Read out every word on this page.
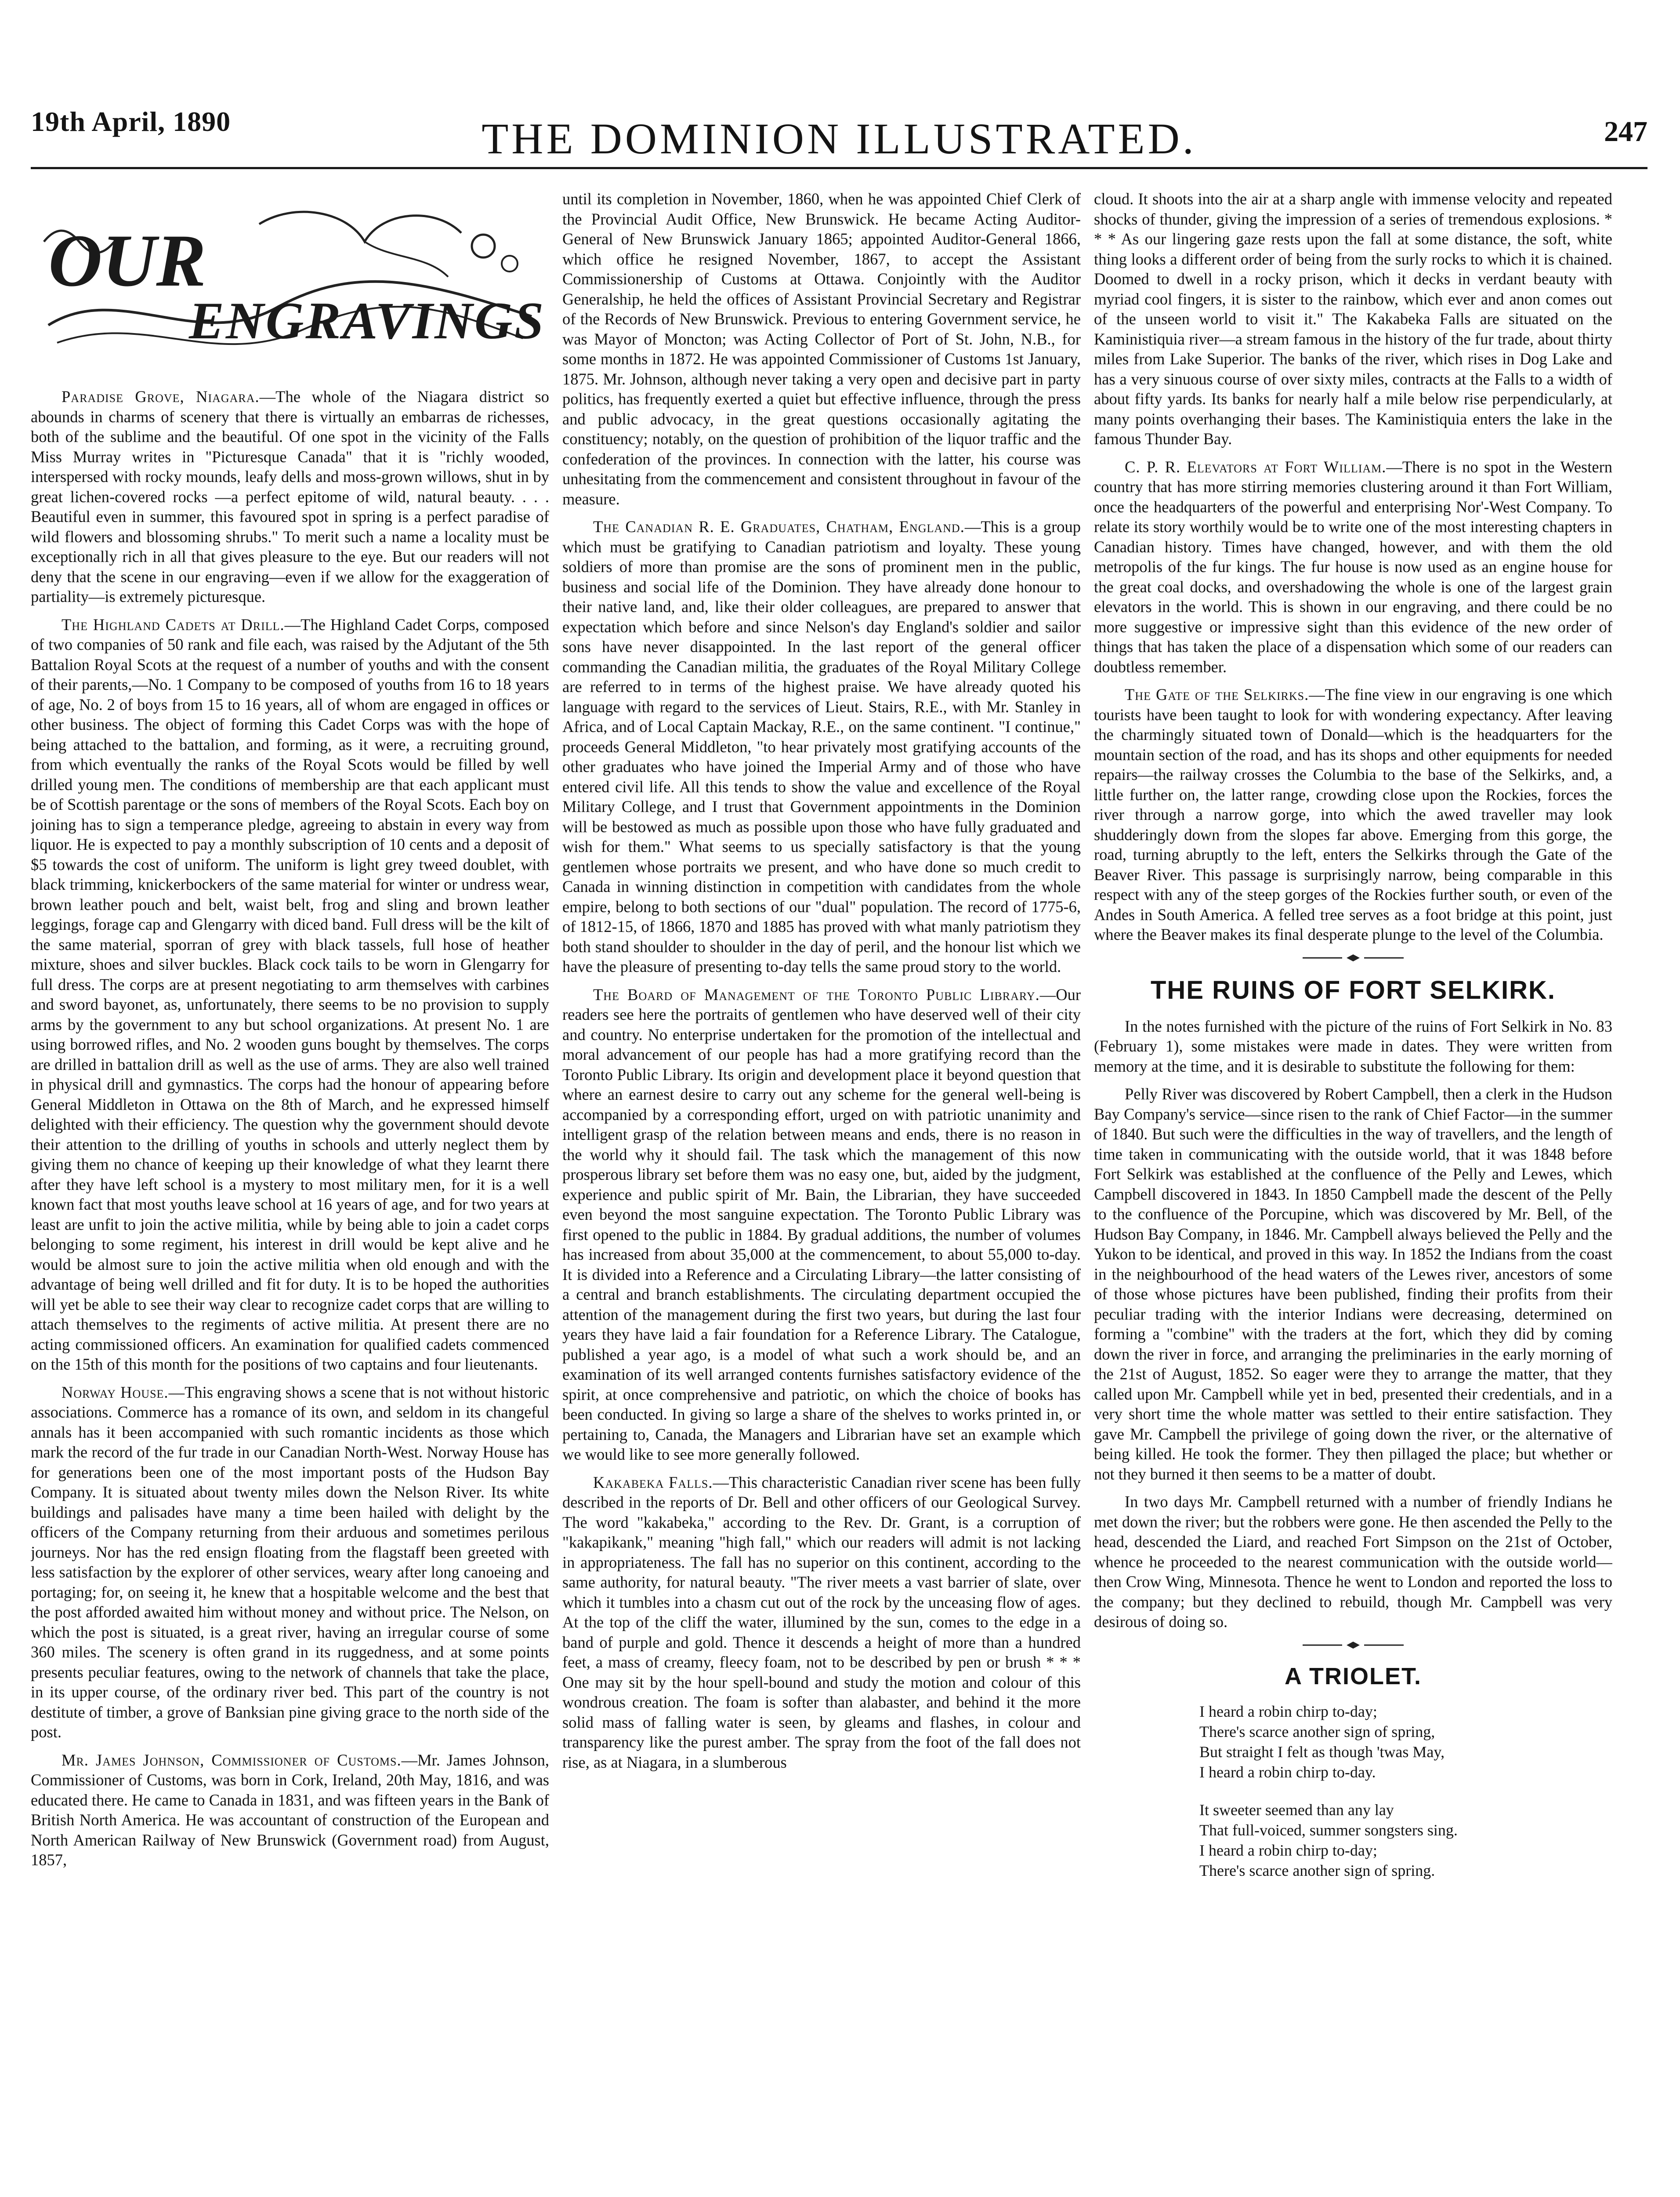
19th April, 1890	THE DOMINION ILLUSTRATED.	247
OUR
ENGRAVINGS

Paradise Grove, Niagara.—The whole of the Niagara district so abounds in charms of scenery that there is virtually an embarras de richesses, both of the sublime and the beautiful. Of one spot in the vicinity of the Falls Miss Murray writes in "Picturesque Canada" that it is "richly wooded, interspersed with rocky mounds, leafy dells and moss-grown willows, shut in by great lichen-covered rocks —a perfect epitome of wild, natural beauty. . . . Beautiful even in summer, this favoured spot in spring is a perfect paradise of wild flowers and blossoming shrubs." To merit such a name a locality must be exceptionally rich in all that gives pleasure to the eye. But our readers will not deny that the scene in our engraving—even if we allow for the exaggeration of partiality—is extremely picturesque.

The Highland Cadets at Drill.—The Highland Cadet Corps, composed of two companies of 50 rank and file each, was raised by the Adjutant of the 5th Battalion Royal Scots at the request of a number of youths and with the consent of their parents,—No. 1 Company to be composed of youths from 16 to 18 years of age, No. 2 of boys from 15 to 16 years, all of whom are engaged in offices or other business. The object of forming this Cadet Corps was with the hope of being attached to the battalion, and forming, as it were, a recruiting ground, from which eventually the ranks of the Royal Scots would be filled by well drilled young men. The conditions of membership are that each applicant must be of Scottish parentage or the sons of members of the Royal Scots. Each boy on joining has to sign a temperance pledge, agreeing to abstain in every way from liquor. He is expected to pay a monthly subscription of 10 cents and a deposit of $5 towards the cost of uniform. The uniform is light grey tweed doublet, with black trimming, knickerbockers of the same material for winter or undress wear, brown leather pouch and belt, waist belt, frog and sling and brown leather leggings, forage cap and Glengarry with diced band. Full dress will be the kilt of the same material, sporran of grey with black tassels, full hose of heather mixture, shoes and silver buckles. Black cock tails to be worn in Glengarry for full dress. The corps are at present negotiating to arm themselves with carbines and sword bayonet, as, unfortunately, there seems to be no provision to supply arms by the government to any but school organizations. At present No. 1 are using borrowed rifles, and No. 2 wooden guns bought by themselves. The corps are drilled in battalion drill as well as the use of arms. They are also well trained in physical drill and gymnastics. The corps had the honour of appearing before General Middleton in Ottawa on the 8th of March, and he expressed himself delighted with their efficiency. The question why the government should devote their attention to the drilling of youths in schools and utterly neglect them by giving them no chance of keeping up their knowledge of what they learnt there after they have left school is a mystery to most military men, for it is a well known fact that most youths leave school at 16 years of age, and for two years at least are unfit to join the active militia, while by being able to join a cadet corps belonging to some regiment, his interest in drill would be kept alive and he would be almost sure to join the active militia when old enough and with the advantage of being well drilled and fit for duty. It is to be hoped the authorities will yet be able to see their way clear to recognize cadet corps that are willing to attach themselves to the regiments of active militia. At present there are no acting commissioned officers. An examination for qualified cadets commenced on the 15th of this month for the positions of two captains and four lieutenants.

Norway House.—This engraving shows a scene that is not without historic associations. Commerce has a romance of its own, and seldom in its changeful annals has it been accompanied with such romantic incidents as those which mark the record of the fur trade in our Canadian North-West. Norway House has for generations been one of the most important posts of the Hudson Bay Company. It is situated about twenty miles down the Nelson River. Its white buildings and palisades have many a time been hailed with delight by the officers of the Company returning from their arduous and sometimes perilous journeys. Nor has the red ensign floating from the flagstaff been greeted with less satisfaction by the explorer of other services, weary after long canoeing and portaging; for, on seeing it, he knew that a hospitable welcome and the best that the post afforded awaited him without money and without price. The Nelson, on which the post is situated, is a great river, having an irregular course of some 360 miles. The scenery is often grand in its ruggedness, and at some points presents peculiar features, owing to the network of channels that take the place, in its upper course, of the ordinary river bed. This part of the country is not destitute of timber, a grove of Banksian pine giving grace to the north side of the post.

Mr. James Johnson, Commissioner of Customs.—Mr. James Johnson, Commissioner of Customs, was born in Cork, Ireland, 20th May, 1816, and was educated there. He came to Canada in 1831, and was fifteen years in the Bank of British North America. He was accountant of construction of the European and North American Railway of New Brunswick (Government road) from August, 1857,

until its completion in November, 1860, when he was appointed Chief Clerk of the Provincial Audit Office, New Brunswick. He became Acting Auditor-General of New Brunswick January 1865; appointed Auditor-General 1866, which office he resigned November, 1867, to accept the Assistant Commissionership of Customs at Ottawa. Conjointly with the Auditor Generalship, he held the offices of Assistant Provincial Secretary and Registrar of the Records of New Brunswick. Previous to entering Government service, he was Mayor of Moncton; was Acting Collector of Port of St. John, N.B., for some months in 1872. He was appointed Commissioner of Customs 1st January, 1875. Mr. Johnson, although never taking a very open and decisive part in party politics, has frequently exerted a quiet but effective influence, through the press and public advocacy, in the great questions occasionally agitating the constituency; notably, on the question of prohibition of the liquor traffic and the confederation of the provinces. In connection with the latter, his course was unhesitating from the commencement and consistent throughout in favour of the measure.

The Canadian R. E. Graduates, Chatham, England.—This is a group which must be gratifying to Canadian patriotism and loyalty. These young soldiers of more than promise are the sons of prominent men in the public, business and social life of the Dominion. They have already done honour to their native land, and, like their older colleagues, are prepared to answer that expectation which before and since Nelson's day England's soldier and sailor sons have never disappointed. In the last report of the general officer commanding the Canadian militia, the graduates of the Royal Military College are referred to in terms of the highest praise. We have already quoted his language with regard to the services of Lieut. Stairs, R.E., with Mr. Stanley in Africa, and of Local Captain Mackay, R.E., on the same continent. "I continue," proceeds General Middleton, "to hear privately most gratifying accounts of the other graduates who have joined the Imperial Army and of those who have entered civil life. All this tends to show the value and excellence of the Royal Military College, and I trust that Government appointments in the Dominion will be bestowed as much as possible upon those who have fully graduated and wish for them." What seems to us specially satisfactory is that the young gentlemen whose portraits we present, and who have done so much credit to Canada in winning distinction in competition with candidates from the whole empire, belong to both sections of our "dual" population. The record of 1775-6, of 1812-15, of 1866, 1870 and 1885 has proved with what manly patriotism they both stand shoulder to shoulder in the day of peril, and the honour list which we have the pleasure of presenting to-day tells the same proud story to the world.

The Board of Management of the Toronto Public Library.—Our readers see here the portraits of gentlemen who have deserved well of their city and country. No enterprise undertaken for the promotion of the intellectual and moral advancement of our people has had a more gratifying record than the Toronto Public Library. Its origin and development place it beyond question that where an earnest desire to carry out any scheme for the general well-being is accompanied by a corresponding effort, urged on with patriotic unanimity and intelligent grasp of the relation between means and ends, there is no reason in the world why it should fail. The task which the management of this now prosperous library set before them was no easy one, but, aided by the judgment, experience and public spirit of Mr. Bain, the Librarian, they have succeeded even beyond the most sanguine expectation. The Toronto Public Library was first opened to the public in 1884. By gradual additions, the number of volumes has increased from about 35,000 at the commencement, to about 55,000 to-day. It is divided into a Reference and a Circulating Library—the latter consisting of a central and branch establishments. The circulating department occupied the attention of the management during the first two years, but during the last four years they have laid a fair foundation for a Reference Library. The Catalogue, published a year ago, is a model of what such a work should be, and an examination of its well arranged contents furnishes satisfactory evidence of the spirit, at once comprehensive and patriotic, on which the choice of books has been conducted. In giving so large a share of the shelves to works printed in, or pertaining to, Canada, the Managers and Librarian have set an example which we would like to see more generally followed.

Kakabeka Falls.—This characteristic Canadian river scene has been fully described in the reports of Dr. Bell and other officers of our Geological Survey. The word "kakabeka," according to the Rev. Dr. Grant, is a corruption of "kakapikank," meaning "high fall," which our readers will admit is not lacking in appropriateness. The fall has no superior on this continent, according to the same authority, for natural beauty. "The river meets a vast barrier of slate, over which it tumbles into a chasm cut out of the rock by the unceasing flow of ages. At the top of the cliff the water, illumined by the sun, comes to the edge in a band of purple and gold. Thence it descends a height of more than a hundred feet, a mass of creamy, fleecy foam, not to be described by pen or brush * * * One may sit by the hour spell-bound and study the motion and colour of this wondrous creation. The foam is softer than alabaster, and behind it the more solid mass of falling water is seen, by gleams and flashes, in colour and transparency like the purest amber. The spray from the foot of the fall does not rise, as at Niagara, in a slumberous

cloud. It shoots into the air at a sharp angle with immense velocity and repeated shocks of thunder, giving the impression of a series of tremendous explosions. * * * As our lingering gaze rests upon the fall at some distance, the soft, white thing looks a different order of being from the surly rocks to which it is chained. Doomed to dwell in a rocky prison, which it decks in verdant beauty with myriad cool fingers, it is sister to the rainbow, which ever and anon comes out of the unseen world to visit it." The Kakabeka Falls are situated on the Kaministiquia river—a stream famous in the history of the fur trade, about thirty miles from Lake Superior. The banks of the river, which rises in Dog Lake and has a very sinuous course of over sixty miles, contracts at the Falls to a width of about fifty yards. Its banks for nearly half a mile below rise perpendicularly, at many points overhanging their bases. The Kaministiquia enters the lake in the famous Thunder Bay.

C. P. R. Elevators at Fort William.—There is no spot in the Western country that has more stirring memories clustering around it than Fort William, once the headquarters of the powerful and enterprising Nor'-West Company. To relate its story worthily would be to write one of the most interesting chapters in Canadian history. Times have changed, however, and with them the old metropolis of the fur kings. The fur house is now used as an engine house for the great coal docks, and overshadowing the whole is one of the largest grain elevators in the world. This is shown in our engraving, and there could be no more suggestive or impressive sight than this evidence of the new order of things that has taken the place of a dispensation which some of our readers can doubtless remember.

The Gate of the Selkirks.—The fine view in our engraving is one which tourists have been taught to look for with wondering expectancy. After leaving the charmingly situated town of Donald—which is the headquarters for the mountain section of the road, and has its shops and other equipments for needed repairs—the railway crosses the Columbia to the base of the Selkirks, and, a little further on, the latter range, crowding close upon the Rockies, forces the river through a narrow gorge, into which the awed traveller may look shudderingly down from the slopes far above. Emerging from this gorge, the road, turning abruptly to the left, enters the Selkirks through the Gate of the Beaver River. This passage is surprisingly narrow, being comparable in this respect with any of the steep gorges of the Rockies further south, or even of the Andes in South America. A felled tree serves as a foot bridge at this point, just where the Beaver makes its final desperate plunge to the level of the Columbia.

THE RUINS OF FORT SELKIRK.

In the notes furnished with the picture of the ruins of Fort Selkirk in No. 83 (February 1), some mistakes were made in dates. They were written from memory at the time, and it is desirable to substitute the following for them:

Pelly River was discovered by Robert Campbell, then a clerk in the Hudson Bay Company's service—since risen to the rank of Chief Factor—in the summer of 1840. But such were the difficulties in the way of travellers, and the length of time taken in communicating with the outside world, that it was 1848 before Fort Selkirk was established at the confluence of the Pelly and Lewes, which Campbell discovered in 1843. In 1850 Campbell made the descent of the Pelly to the confluence of the Porcupine, which was discovered by Mr. Bell, of the Hudson Bay Company, in 1846. Mr. Campbell always believed the Pelly and the Yukon to be identical, and proved in this way. In 1852 the Indians from the coast in the neighbourhood of the head waters of the Lewes river, ancestors of some of those whose pictures have been published, finding their profits from their peculiar trading with the interior Indians were decreasing, determined on forming a "combine" with the traders at the fort, which they did by coming down the river in force, and arranging the preliminaries in the early morning of the 21st of August, 1852. So eager were they to arrange the matter, that they called upon Mr. Campbell while yet in bed, presented their credentials, and in a very short time the whole matter was settled to their entire satisfaction. They gave Mr. Campbell the privilege of going down the river, or the alternative of being killed. He took the former. They then pillaged the place; but whether or not they burned it then seems to be a matter of doubt.

In two days Mr. Campbell returned with a number of friendly Indians he met down the river; but the robbers were gone. He then ascended the Pelly to the head, descended the Liard, and reached Fort Simpson on the 21st of October, whence he proceeded to the nearest communication with the outside world—then Crow Wing, Minnesota. Thence he went to London and reported the loss to the company; but they declined to rebuild, though Mr. Campbell was very desirous of doing so.

A TRIOLET.
I heard a robin chirp to-day;
There's scarce another sign of spring,
But straight I felt as though 'twas May,
I heard a robin chirp to-day.
It sweeter seemed than any lay
That full-voiced, summer songsters sing.
I heard a robin chirp to-day;
There's scarce another sign of spring.
